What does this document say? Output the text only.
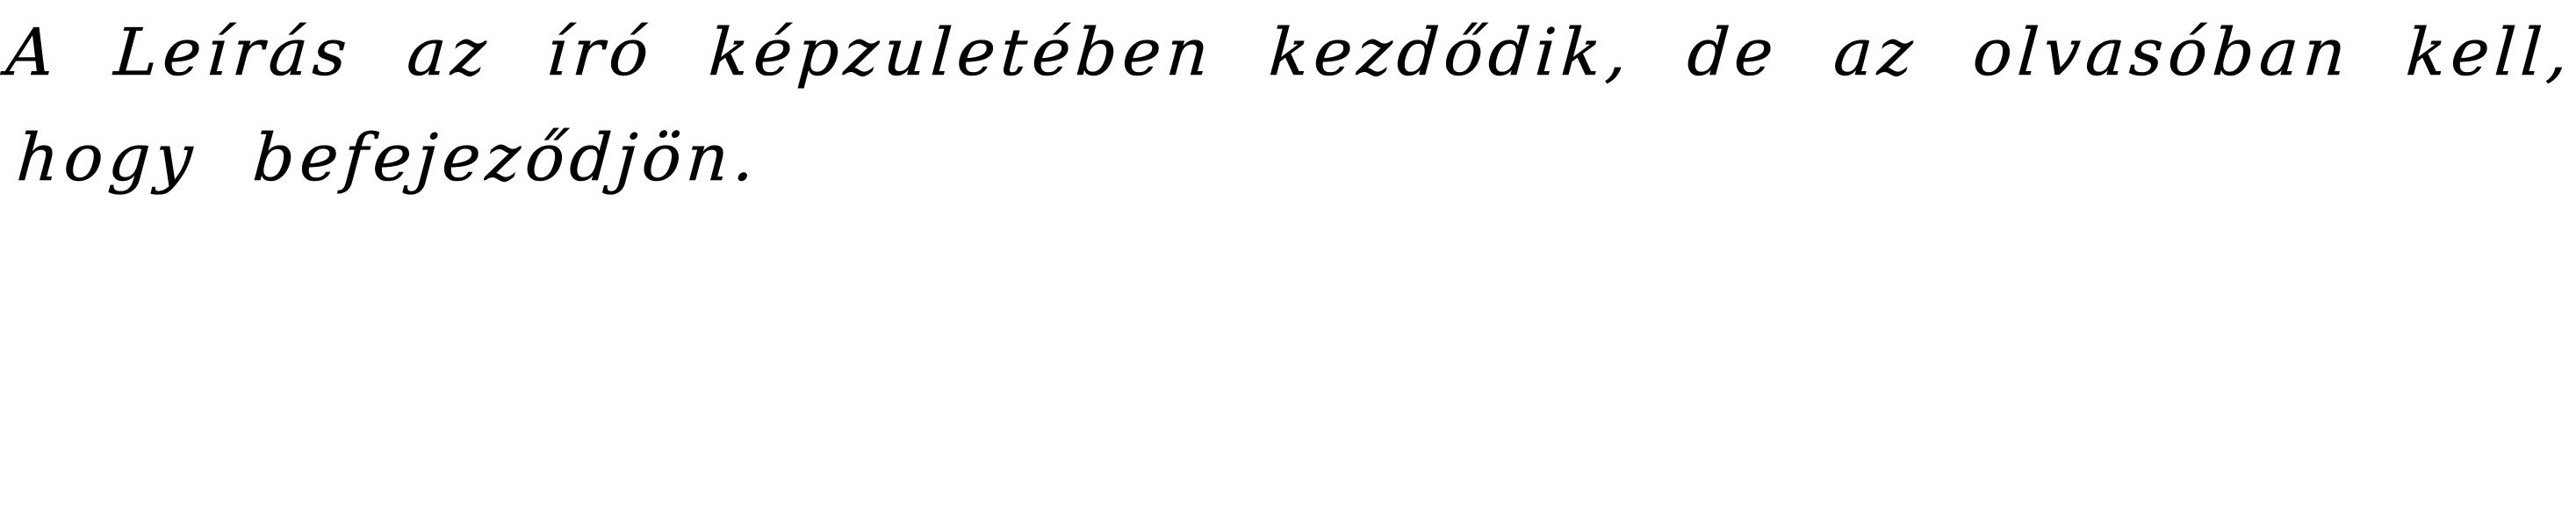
A Leírás az író képzuletében kezdődik, de az olvasóban kell,
hogy befejeződjön.
